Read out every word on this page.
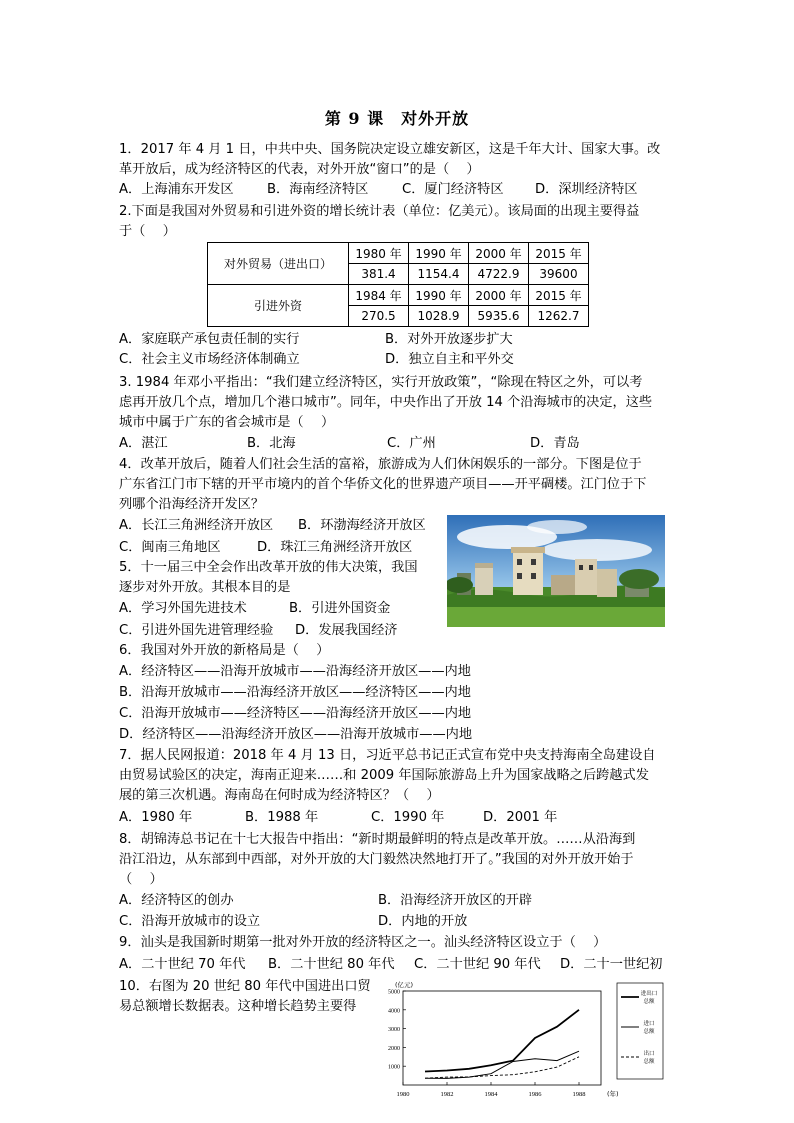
第 9 课　对外开放
1．2017 年 4 月 1 日，中共中央、国务院决定设立雄安新区，这是千年大计、国家大事。改
革开放后，成为经济特区的代表，对外开放“窗口”的是（　 ）
A．上海浦东开发区	B．海南经济特区	C．厦门经济特区 D．深圳经济特区
2.下面是我国对外贸易和引进外资的增长统计表（单位：亿美元）。该局面的出现主要得益
于（　 ）
对外贸易（进出口）	1980 年	1990 年	2000 年	2015 年
	381.4	1154.4	4722.9	39600
引进外资	1984 年	1990 年	2000 年	2015 年
	270.5	1028.9	5935.6	1262.7
A．家庭联产承包责任制的实行	B．对外开放逐步扩大
C．社会主义市场经济体制确立	D．独立自主和平外交
3. 1984 年邓小平指出：“我们建立经济特区，实行开放政策”，“除现在特区之外，可以考
虑再开放几个点，增加几个港口城市”。同年，中央作出了开放 14 个沿海城市的决定，这些
城市中属于广东的省会城市是（　 ）
A．湛江	B．北海	C．广州	D．青岛
4．改革开放后，随着人们社会生活的富裕，旅游成为人们休闲娱乐的一部分。下图是位于
广东省江门市下辖的开平市境内的首个华侨文化的世界遗产项目——开平碉楼。江门位于下
列哪个沿海经济开发区？
A．长江三角洲经济开放区 B．环渤海经济开放区
C．闽南三角地区	D．珠江三角洲经济开放区
5．十一届三中全会作出改革开放的伟大决策，我国
逐步对外开放。其根本目的是
A．学习外国先进技术	B．引进外国资金
C．引进外国先进管理经验 D．发展我国经济
6．我国对外开放的新格局是（　 ）
A．经济特区——沿海开放城市——沿海经济开放区——内地
B．沿海开放城市——沿海经济开放区——经济特区——内地
C．沿海开放城市——经济特区——沿海经济开放区——内地
D．经济特区——沿海经济开放区——沿海开放城市——内地
7．据人民网报道：2018 年 4 月 13 日，习近平总书记正式宣布党中央支持海南全岛建设自
由贸易试验区的决定，海南正迎来……和 2009 年国际旅游岛上升为国家战略之后跨越式发
展的第三次机遇。海南岛在何时成为经济特区？（　 ）
A．1980 年	B．1988 年	C．1990 年	D．2001 年
8．胡锦涛总书记在十七大报告中指出：“新时期最鲜明的特点是改革开放。……从沿海到
沿江沿边，从东部到中西部，对外开放的大门毅然决然地打开了。”我国的对外开放开始于
（　 ）
A．经济特区的创办	B．沿海经济开放区的开辟
C．沿海开放城市的设立	D．内地的开放
9．汕头是我国新时期第一批对外开放的经济特区之一。汕头经济特区设立于（　 ）
A．二十世纪 70 年代 B．二十世纪 80 年代 C．二十世纪 90 年代 D．二十一世纪初
10．右图为 20 世纪 80 年代中国进出口贸
易总额增长数据表。这种增长趋势主要得
1000
2000
3000
4000
5000
1980	1982	1984	1986	1988
(亿元)
(年)
进出口
总额
进口
总额
出口
总额
